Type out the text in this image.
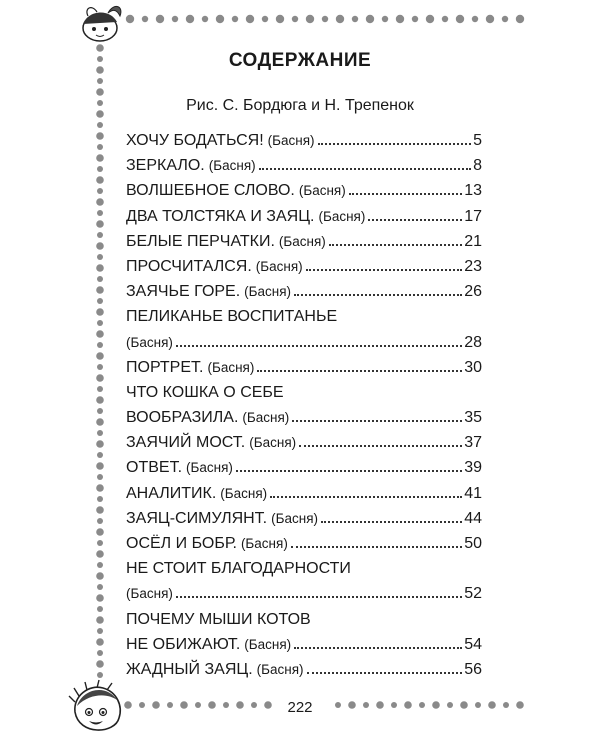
СОДЕРЖАНИЕ

Рис. С. Бордюга и Н. Трепенок

ХОЧУ БОДАТЬСЯ! (Басня)	5
ЗЕРКАЛО. (Басня)	8
ВОЛШЕБНОЕ СЛОВО. (Басня)	13
ДВА ТОЛСТЯКА И ЗАЯЦ. (Басня)	17
БЕЛЫЕ ПЕРЧАТКИ. (Басня)	21
ПРОСЧИТАЛСЯ. (Басня)	23
ЗАЯЧЬЕ ГОРЕ. (Басня)	26
ПЕЛИКАНЬЕ ВОСПИТАНЬЕ
(Басня)	28
ПОРТРЕТ. (Басня)	30
ЧТО КОШКА О СЕБЕ
ВООБРАЗИЛА. (Басня)	35
ЗАЯЧИЙ МОСТ. (Басня)	37
ОТВЕТ. (Басня)	39
АНАЛИТИК. (Басня)	41
ЗАЯЦ-СИМУЛЯНТ. (Басня)	44
ОСЁЛ И БОБР. (Басня)	50
НЕ СТОИТ БЛАГОДАРНОСТИ
(Басня)	52
ПОЧЕМУ МЫШИ КОТОВ
НЕ ОБИЖАЮТ. (Басня)	54
ЖАДНЫЙ ЗАЯЦ. (Басня)	56

222
